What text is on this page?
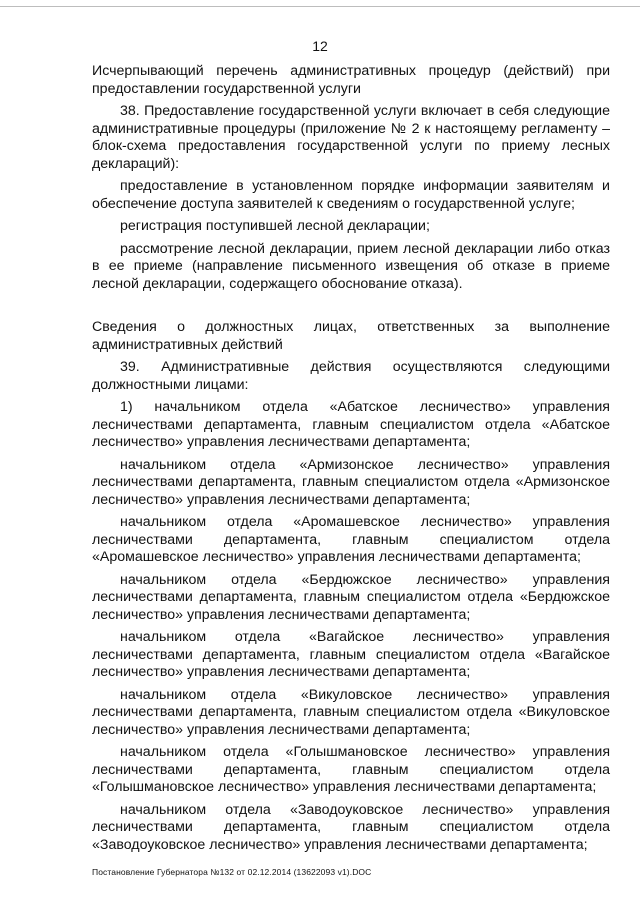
12

Исчерпывающий перечень административных процедур (действий) при предоставлении государственной услуги

38. Предоставление государственной услуги включает в себя следующие административные процедуры (приложение № 2 к настоящему регламенту – блок-схема предоставления государственной услуги по приему лесных деклараций):

предоставление в установленном порядке информации заявителям и обеспечение доступа заявителей к сведениям о государственной услуге;

регистрация поступившей лесной декларации;

рассмотрение лесной декларации, прием лесной декларации либо отказ в ее приеме (направление письменного извещения об отказе в приеме лесной декларации, содержащего обоснование отказа).

Сведения о должностных лицах, ответственных за выполнение административных действий

39. Административные действия осуществляются следующими должностными лицами:

1) начальником отдела «Абатское лесничество» управления лесничествами департамента, главным специалистом отдела «Абатское лесничество» управления лесничествами департамента;

начальником отдела «Армизонское лесничество» управления лесничествами департамента, главным специалистом отдела «Армизонское лесничество» управления лесничествами департамента;

начальником отдела «Аромашевское лесничество» управления лесничествами департамента, главным специалистом отдела «Аромашевское лесничество» управления лесничествами департамента;

начальником отдела «Бердюжское лесничество» управления лесничествами департамента, главным специалистом отдела «Бердюжское лесничество» управления лесничествами департамента;

начальником отдела «Вагайское лесничество» управления лесничествами департамента, главным специалистом отдела «Вагайское лесничество» управления лесничествами департамента;

начальником отдела «Викуловское лесничество» управления лесничествами департамента, главным специалистом отдела «Викуловское лесничество» управления лесничествами департамента;

начальником отдела «Голышмановское лесничество» управления лесничествами департамента, главным специалистом отдела «Голышмановское лесничество» управления лесничествами департамента;

начальником отдела «Заводоуковское лесничество» управления лесничествами департамента, главным специалистом отдела «Заводоуковское лесничество» управления лесничествами департамента;

Постановление Губернатора №132 от 02.12.2014 (13622093 v1).DOC
